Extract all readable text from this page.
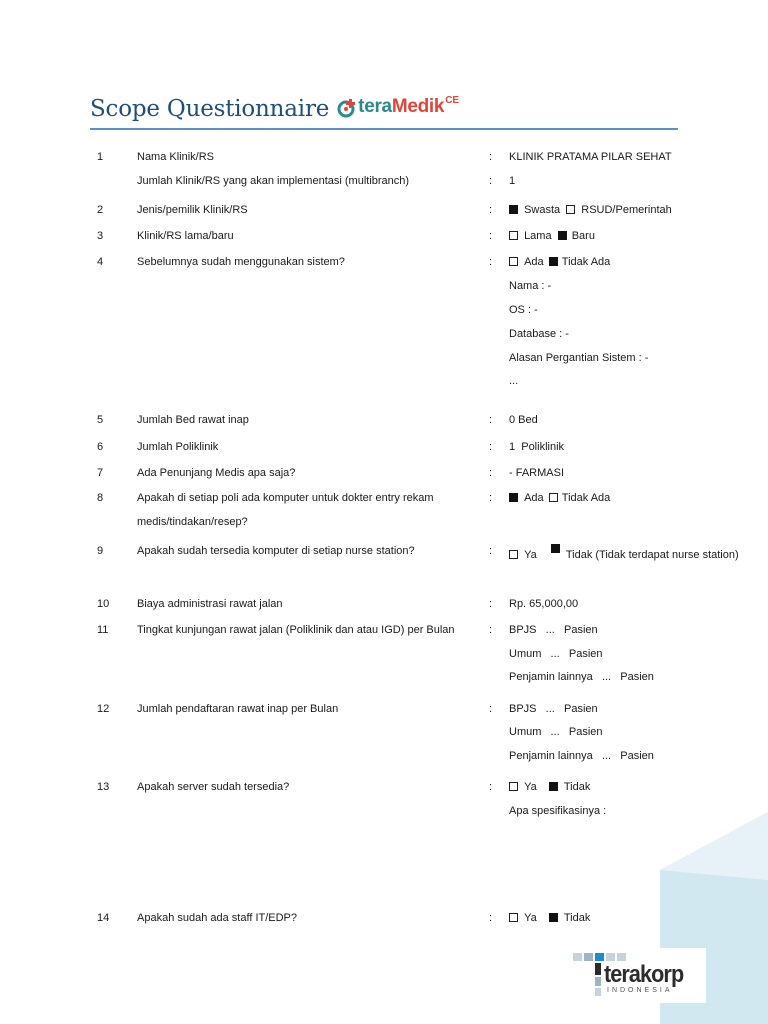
Scope Questionnaire tera Medik CE
1	Nama Klinik/RS	: KLINIK PRATAMA PILAR SEHAT
Jumlah Klinik/RS yang akan implementasi (multibranch)	: 1
2	Jenis/pemilik Klinik/RS	:	Swasta RSUD/Pemerintah
3	Klinik/RS lama/baru	:	Lama Baru
4	Sebelumnya sudah menggunakan sistem?	:	Ada Tidak Ada
Nama : -
OS : -
Database : -
Alasan Pergantian Sistem : -
...
5	Jumlah Bed rawat inap	: 0 Bed
6	Jumlah Poliklinik	: 1  Poliklinik
7	Ada Penunjang Medis apa saja?	: - FARMASI
8	Apakah di setiap poli ada komputer untuk dokter entry rekam
medis/tindakan/resep?
:	Ada Tidak Ada
9	Apakah sudah tersedia komputer di setiap nurse station?	:	Ya	Tidak (Tidak terdapat nurse station)
10	Biaya administrasi rawat jalan	: Rp. 65,000,00
11	Tingkat kunjungan rawat jalan (Poliklinik dan atau IGD) per Bulan	: BPJS   ...   Pasien
Umum   ...   Pasien
Penjamin lainnya   ...   Pasien
12	Jumlah pendaftaran rawat inap per Bulan	: BPJS   ...   Pasien
Umum   ...   Pasien
Penjamin lainnya   ...   Pasien
13	Apakah server sudah tersedia?	:	Ya Tidak
Apa spesifikasinya :
14	Apakah sudah ada staff IT/EDP?	:	Ya Tidak
terakorp
INDONESIA
